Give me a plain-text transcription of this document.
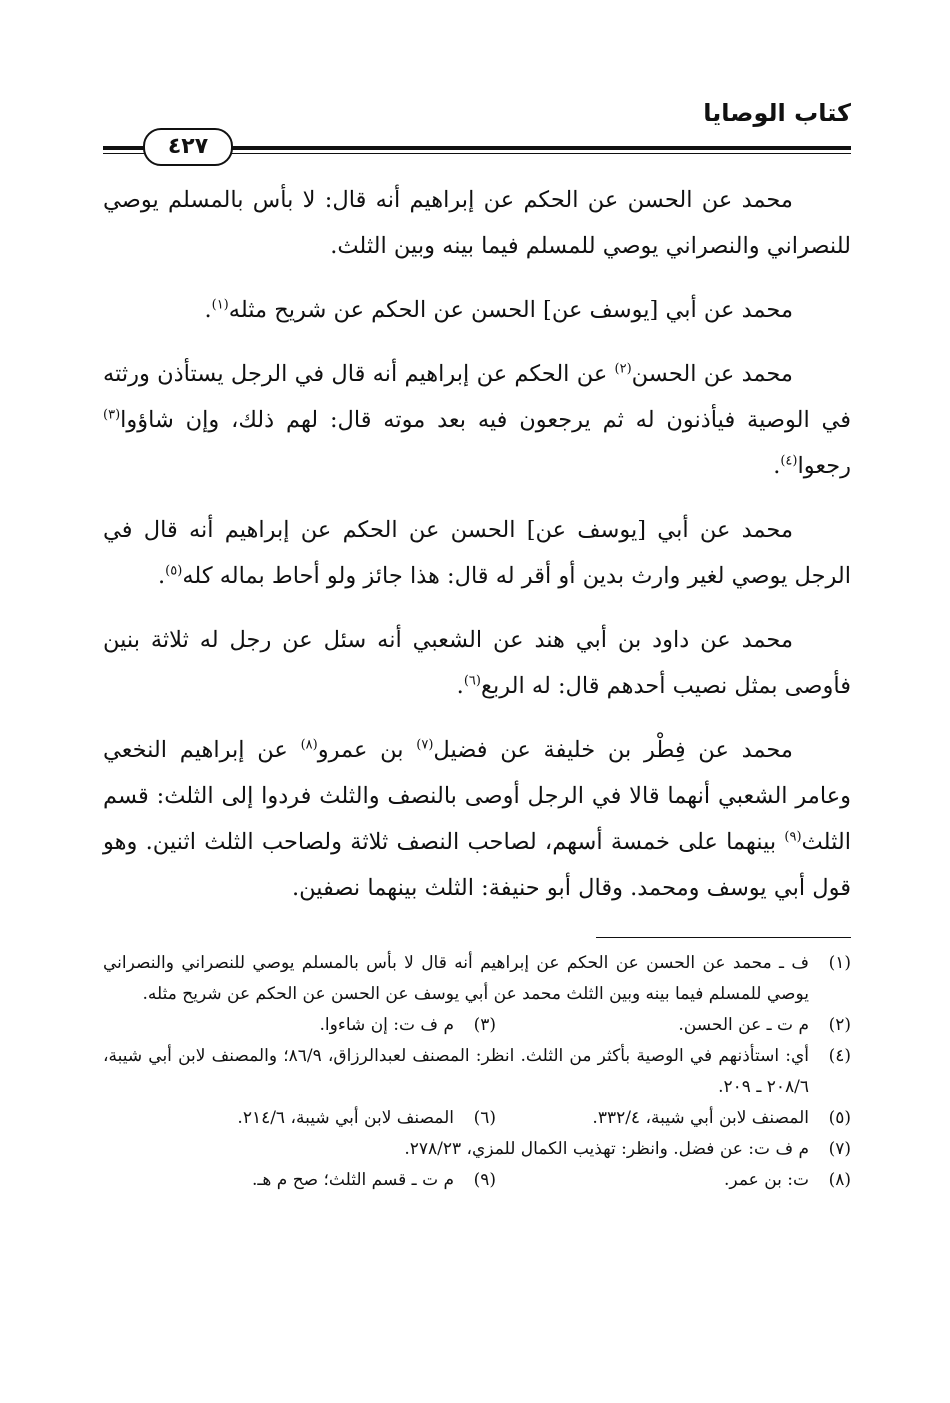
كتاب الوصايا
٤٢٧

محمد عن الحسن عن الحكم عن إبراهيم أنه قال: لا بأس بالمسلم يوصي للنصراني والنصراني يوصي للمسلم فيما بينه وبين الثلث.

محمد عن أبي [يوسف عن] الحسن عن الحكم عن شريح مثله$^{(١)}$.

محمد عن الحسن$^{(٢)}$ عن الحكم عن إبراهيم أنه قال في الرجل يستأذن ورثته في الوصية فيأذنون له ثم يرجعون فيه بعد موته قال: لهم ذلك، وإن شاؤوا$^{(٣)}$ رجعوا$^{(٤)}$.

محمد عن أبي [يوسف عن] الحسن عن الحكم عن إبراهيم أنه قال في الرجل يوصي لغير وارث بدين أو أقر له قال: هذا جائز ولو أحاط بماله كله$^{(٥)}$.

محمد عن داود بن أبي هند عن الشعبي أنه سئل عن رجل له ثلاثة بنين فأوصى بمثل نصيب أحدهم قال: له الربع$^{(٦)}$.

محمد عن فِطْر بن خليفة عن فضيل$^{(٧)}$ بن عمرو$^{(٨)}$ عن إبراهيم النخعي وعامر الشعبي أنهما قالا في الرجل أوصى بالنصف والثلث فردوا إلى الثلث: قسم الثلث$^{(٩)}$ بينهما على خمسة أسهم، لصاحب النصف ثلاثة ولصاحب الثلث اثنين. وهو قول أبي يوسف ومحمد. وقال أبو حنيفة: الثلث بينهما نصفين.

(١)
ف ـ محمد عن الحسن عن الحكم عن إبراهيم أنه قال لا بأس بالمسلم يوصي للنصراني والنصراني يوصي للمسلم فيما بينه وبين الثلث محمد عن أبي يوسف عن الحسن عن الحكم عن شريح مثله.
(٢)
م ت ـ عن الحسن.
(٣)
م ف ت: إن شاءوا.
(٤)
أي: استأذنهم في الوصية بأكثر من الثلث. انظر: المصنف لعبدالرزاق، ٨٦/٩؛ والمصنف لابن أبي شيبة، ٢٠٨/٦ ـ ٢٠٩.
(٥)
المصنف لابن أبي شيبة، ٣٣٢/٤.
(٦)
المصنف لابن أبي شيبة، ٢١٤/٦.
(٧)
م ف ت: عن فضل. وانظر: تهذيب الكمال للمزي، ٢٧٨/٢٣.
(٨)
ت: بن عمر.
(٩)
م ت ـ قسم الثلث؛ صح م هـ.
